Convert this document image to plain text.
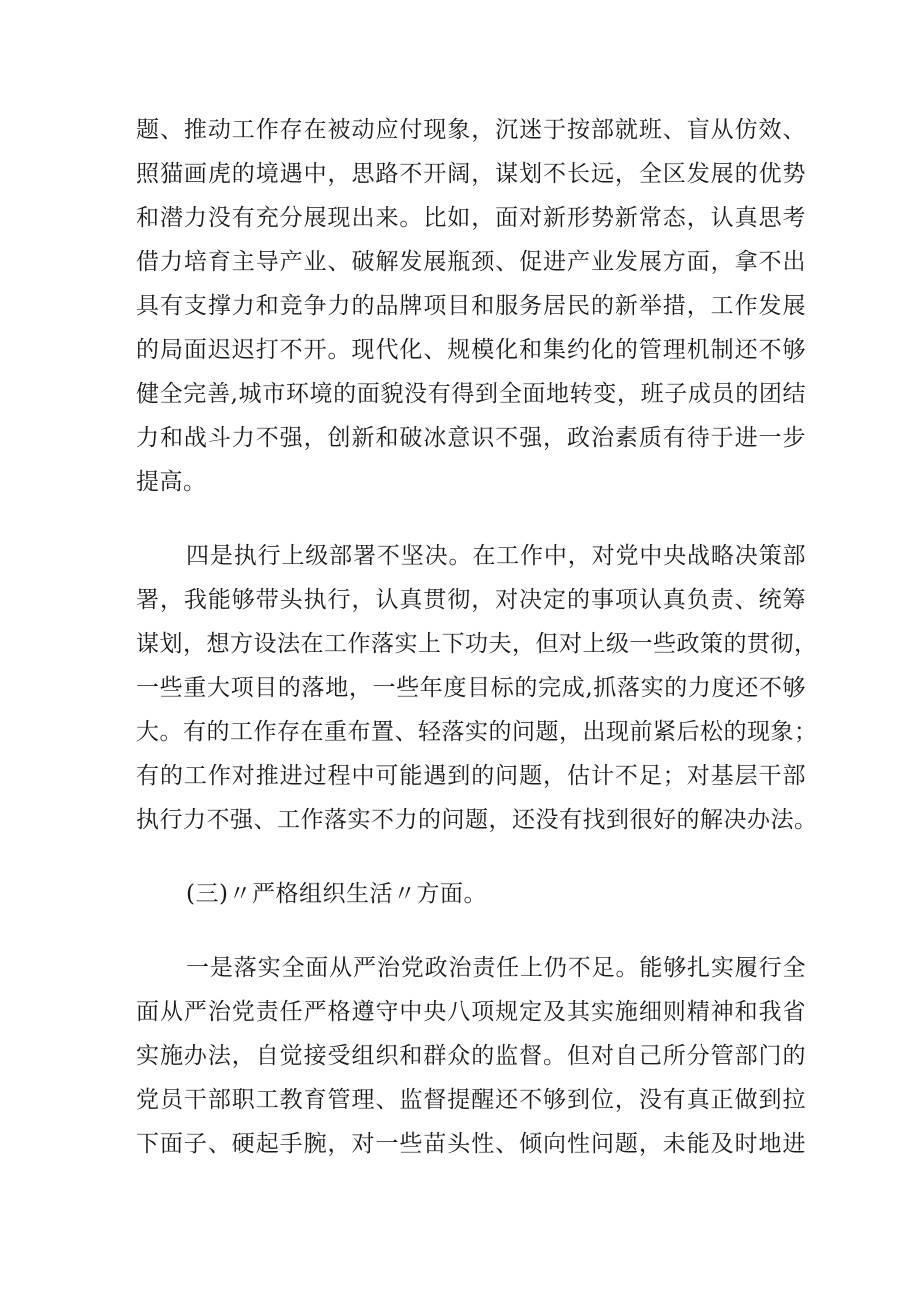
题、推动工作存在被动应付现象，沉迷于按部就班、盲从仿效、
照猫画虎的境遇中，思路不开阔，谋划不长远，全区发展的优势
和潜力没有充分展现出来。比如，面对新形势新常态，认真思考
借力培育主导产业、破解发展瓶颈、促进产业发展方面，拿不出
具有支撑力和竞争力的品牌项目和服务居民的新举措，工作发展
的局面迟迟打不开。现代化、规模化和集约化的管理机制还不够
健全完善,城市环境的面貌没有得到全面地转变，班子成员的团结
力和战斗力不强，创新和破冰意识不强，政治素质有待于进一步
提高。
四是执行上级部署不坚决。在工作中，对党中央战略决策部
署，我能够带头执行，认真贯彻，对决定的事项认真负责、统筹
谋划，想方设法在工作落实上下功夫，但对上级一些政策的贯彻，
一些重大项目的落地，一些年度目标的完成,抓落实的力度还不够
大。有的工作存在重布置、轻落实的问题，出现前紧后松的现象；
有的工作对推进过程中可能遇到的问题，估计不足；对基层干部
执行力不强、工作落实不力的问题，还没有找到很好的解决办法。
(三)〃严格组织生活〃方面。
一是落实全面从严治党政治责任上仍不足。能够扎实履行全
面从严治党责任严格遵守中央八项规定及其实施细则精神和我省
实施办法，自觉接受组织和群众的监督。但对自己所分管部门的
党员干部职工教育管理、监督提醒还不够到位，没有真正做到拉
下面子、硬起手腕，对一些苗头性、倾向性问题，未能及时地进
